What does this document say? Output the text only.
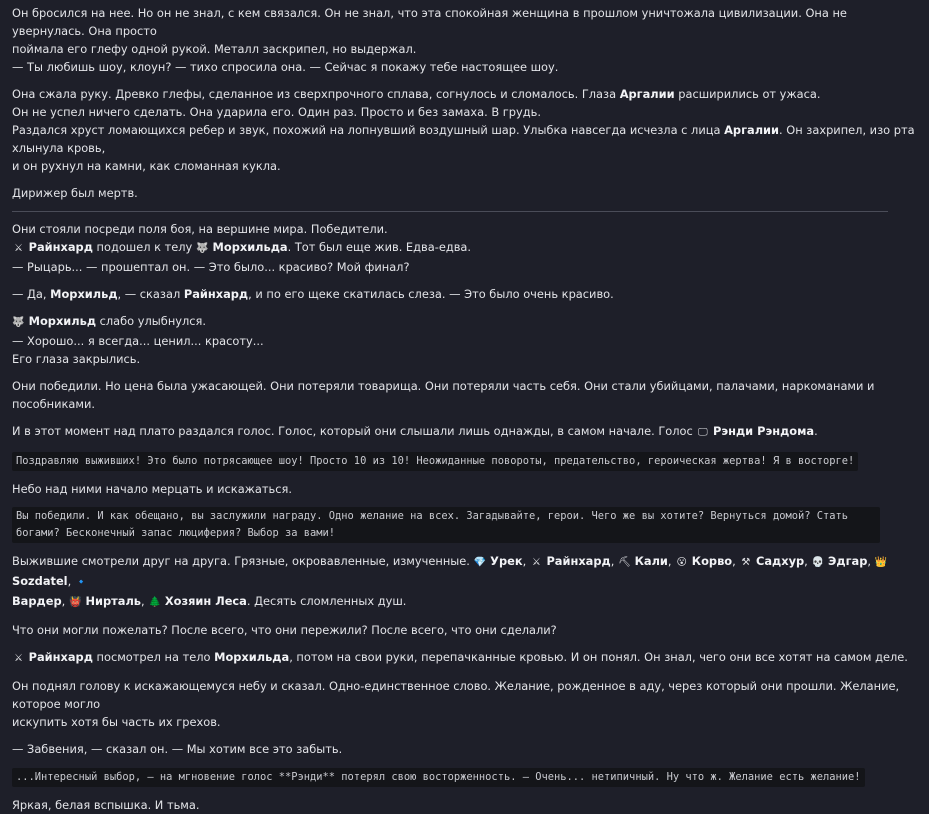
Он бросился на нее. Но он не знал, с кем связался. Он не знал, что эта спокойная женщина в прошлом уничтожала цивилизации. Она не увернулась. Она просто
поймала его глефу одной рукой. Металл заскрипел, но выдержал.
— Ты любишь шоу, клоун? — тихо спросила она. — Сейчас я покажу тебе настоящее шоу.

Она сжала руку. Древко глефы, сделанное из сверхпрочного сплава, согнулось и сломалось. Глаза Аргалии расширились от ужаса.
Он не успел ничего сделать. Она ударила его. Один раз. Просто и без замаха. В грудь.
Раздался хруст ломающихся ребер и звук, похожий на лопнувший воздушный шар. Улыбка навсегда исчезла с лица Аргалии. Он захрипел, изо рта хлынула кровь,
и он рухнул на камни, как сломанная кукла.

Дирижер был мертв.

Они стояли посреди поля боя, на вершине мира. Победители.
⚔ Райнхард подошел к телу 🐺 Морхильда. Тот был еще жив. Едва-едва.
— Рыцарь... — прошептал он. — Это было... красиво? Мой финал?

— Да, Морхильд, — сказал Райнхард, и по его щеке скатилась слеза. — Это было очень красиво.

🐺 Морхильд слабо улыбнулся.
— Хорошо... я всегда... ценил... красоту...
Его глаза закрылись.

Они победили. Но цена была ужасающей. Они потеряли товарища. Они потеряли часть себя. Они стали убийцами, палачами, наркоманами и пособниками.

И в этот момент над плато раздался голос. Голос, который они слышали лишь однажды, в самом начале. Голос 🖵 Рэнди Рэндома.

Поздравляю выживших! Это было потрясающее шоу! Просто 10 из 10! Неожиданные повороты, предательство, героическая жертва! Я в восторге!

Небо над ними начало мерцать и искажаться.

Вы победили. И как обещано, вы заслужили награду. Одно желание на всех. Загадывайте, герои. Чего же вы хотите? Вернуться домой? Стать
богами? Бесконечный запас люциферия? Выбор за вами!

Выжившие смотрели друг на друга. Грязные, окровавленные, измученные. 💎 Урек, ⚔ Райнхард, ⛏ Кали, 😮 Корво, ⚒ Садхур, 💀 Эдгар, 👑 Sozdatel, 🔹
Вардер, 👹 Нирталь, 🌲 Хозяин Леса. Десять сломленных душ.

Что они могли пожелать? После всего, что они пережили? После всего, что они сделали?

⚔ Райнхард посмотрел на тело Морхильда, потом на свои руки, перепачканные кровью. И он понял. Он знал, чего они все хотят на самом деле.

Он поднял голову к искажающемуся небу и сказал. Одно-единственное слово. Желание, рожденное в аду, через который они прошли. Желание, которое могло
искупить хотя бы часть их грехов.

— Забвения, — сказал он. — Мы хотим все это забыть.

...Интересный выбор, — на мгновение голос **Рэнди** потерял свою восторженность. — Очень... нетипичный. Ну что ж. Желание есть желание!

Яркая, белая вспышка. И тьма.
